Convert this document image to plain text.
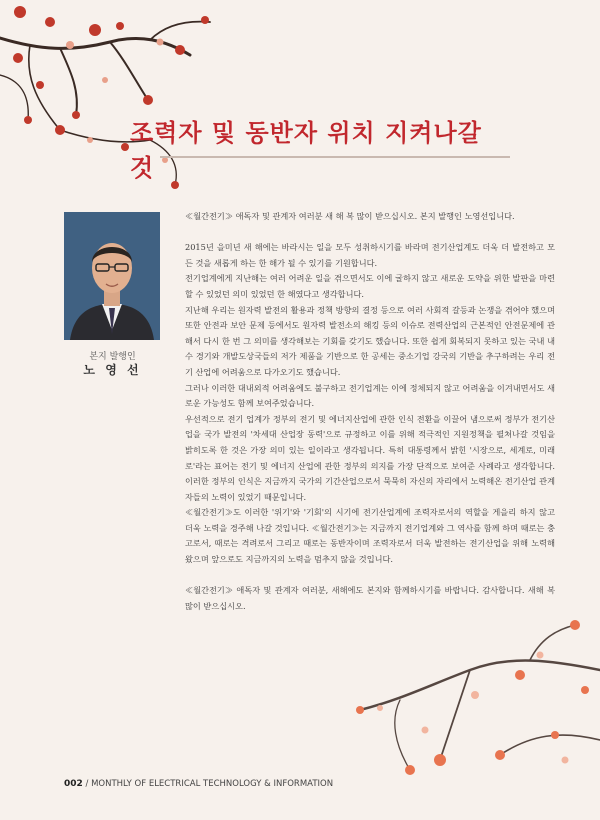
조력자 및 동반자 위치 지켜나갈 것
본지 발행인
노 영 선

≪월간전기≫ 애독자 및 관계자 여러분 새 해 복 많이 받으십시오. 본지 발행인 노영선입니다.

2015년 을미년 새 해에는 바라시는 일을 모두 성취하시기를 바라며 전기산업계도 더욱 더 발전하고 모든 것을 새롭게 하는 한 해가 될 수 있기를 기원합니다.

전기업계에게 지난해는 여러 어려운 일을 겪으면서도 이에 굴하지 않고 새로운 도약을 위한 발판을 마련할 수 있었던 의미 있었던 한 해였다고 생각합니다.

지난해 우리는 원자력 발전의 활용과 정책 방향의 결정 등으로 여러 사회적 갈등과 논쟁을 겪어야 했으며 또한 안전과 보안 문제 등에서도 원자력 발전소의 해킹 등의 이슈로 전력산업의 근본적인 안전문제에 관해서 다시 한 번 그 의미를 생각해보는 기회를 갖기도 했습니다. 또한 쉽게 회복되지 못하고 있는 국내 내수 경기와 개발도상국들의 저가 제품을 기반으로 한 공세는 중소기업 강국의 기반을 추구하려는 우리 전기 산업에 어려움으로 다가오기도 했습니다.

그러나 이러한 대내외적 어려움에도 불구하고 전기업계는 이에 정체되지 않고 어려움을 이겨내면서도 새로운 가능성도 함께 보여주었습니다.

우선적으로 전기 업계가 정부의 전기 및 에너지산업에 관한 인식 전환을 이끌어 냄으로써 정부가 전기산업을 국가 발전의 '차세대 산업장 동력'으로 규정하고 이를 위해 적극적인 지원정책을 펼쳐나갈 것임을 밝히도록 한 것은 가장 의미 있는 일이라고 생각됩니다. 특히 대통령께서 밝힌 '시장으로, 세계로, 미래로'라는 표어는 전기 및 에너지 산업에 관한 정부의 의지를 가장 단적으로 보여준 사례라고 생각합니다. 이러한 정부의 인식은 지금까지 국가의 기간산업으로서 묵묵히 자신의 자리에서 노력해온 전기산업 관계자들의 노력이 있었기 때문입니다.

≪월간전기≫도 이러한 '위기'와 '기회'의 시기에 전기산업계에 조력자로서의 역할을 게을리 하지 않고 더욱 노력을 경주해 나갈 것입니다. ≪월간전기≫는 지금까지 전기업계와 그 역사를 함께 하며 때로는 충고로서, 때로는 격려로서 그리고 때로는 동반자이며 조력자로서 더욱 발전하는 전기산업을 위해 노력해 왔으며 앞으로도 지금까지의 노력을 멈추지 않을 것입니다.

≪월간전기≫ 애독자 및 관계자 여러분, 새해에도 본지와 함께하시기를 바랍니다. 감사합니다. 새해 복 많이 받으십시오.

002 / MONTHLY OF ELECTRICAL TECHNOLOGY & INFORMATION
